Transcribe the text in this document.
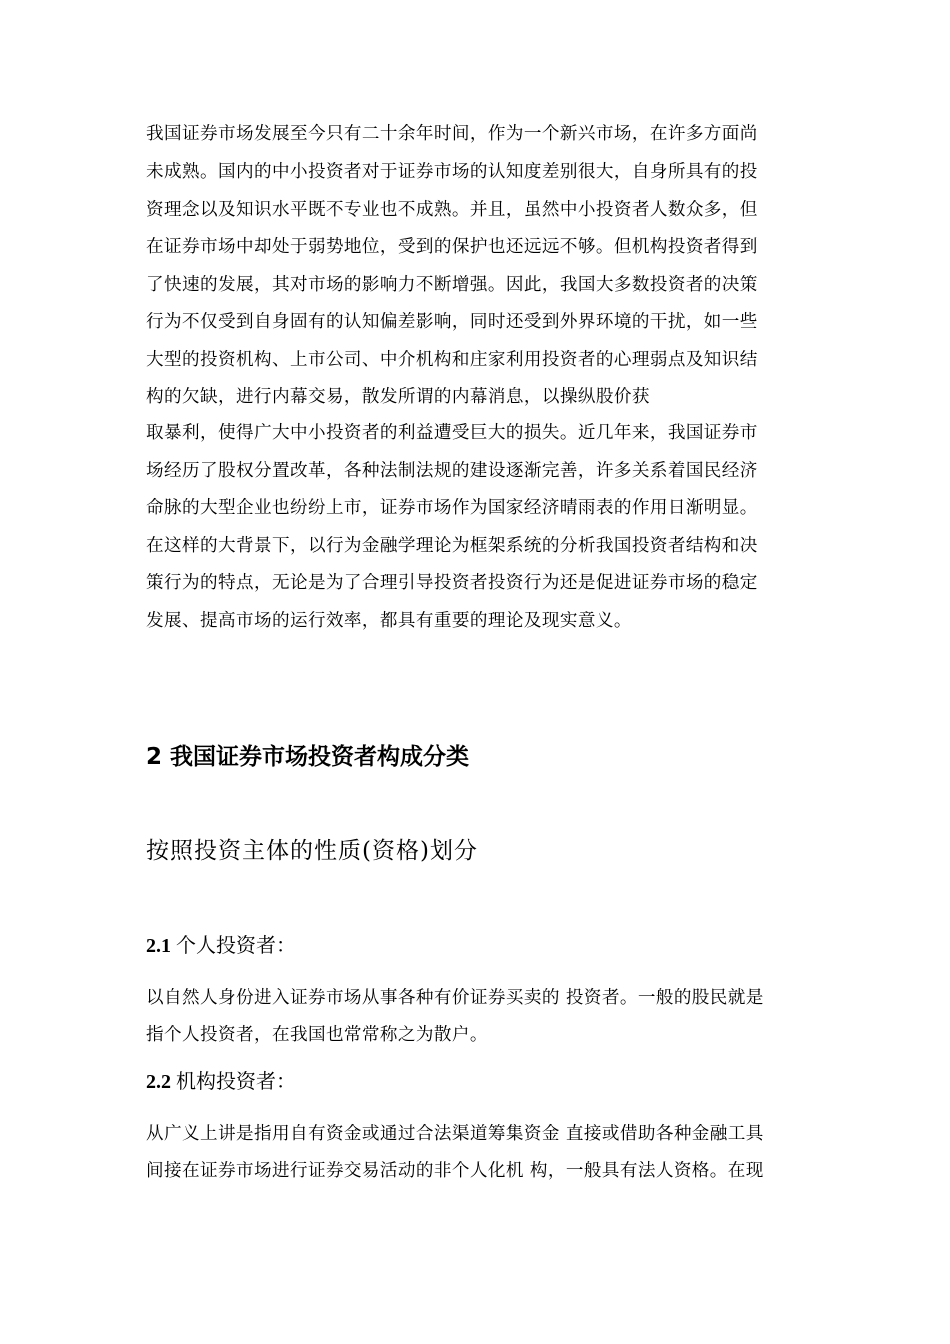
我国证券市场发展至今只有二十余年时间，作为一个新兴市场，在许多方面尚
未成熟。国内的中小投资者对于证券市场的认知度差别很大，自身所具有的投
资理念以及知识水平既不专业也不成熟。并且，虽然中小投资者人数众多，但
在证券市场中却处于弱势地位，受到的保护也还远远不够。但机构投资者得到
了快速的发展，其对市场的影响力不断增强。因此，我国大多数投资者的决策
行为不仅受到自身固有的认知偏差影响，同时还受到外界环境的干扰，如一些
大型的投资机构、上市公司、中介机构和庄家利用投资者的心理弱点及知识结
构的欠缺，进行内幕交易，散发所谓的内幕消息，以操纵股价获
取暴利，使得广大中小投资者的利益遭受巨大的损失。近几年来，我国证券市
场经历了股权分置改革，各种法制法规的建设逐渐完善，许多关系着国民经济
命脉的大型企业也纷纷上市，证券市场作为国家经济晴雨表的作用日渐明显。
在这样的大背景下，以行为金融学理论为框架系统的分析我国投资者结构和决
策行为的特点，无论是为了合理引导投资者投资行为还是促进证券市场的稳定
发展、提高市场的运行效率，都具有重要的理论及现实意义。
2 我国证券市场投资者构成分类
按照投资主体的性质(资格)划分
2.1 个人投资者：
以自然人身份进入证券市场从事各种有价证券买卖的 投资者。一般的股民就是
指个人投资者，在我国也常常称之为散户。
2.2 机构投资者：
从广义上讲是指用自有资金或通过合法渠道筹集资金 直接或借助各种金融工具
间接在证券市场进行证券交易活动的非个人化机 构，一般具有法人资格。在现
